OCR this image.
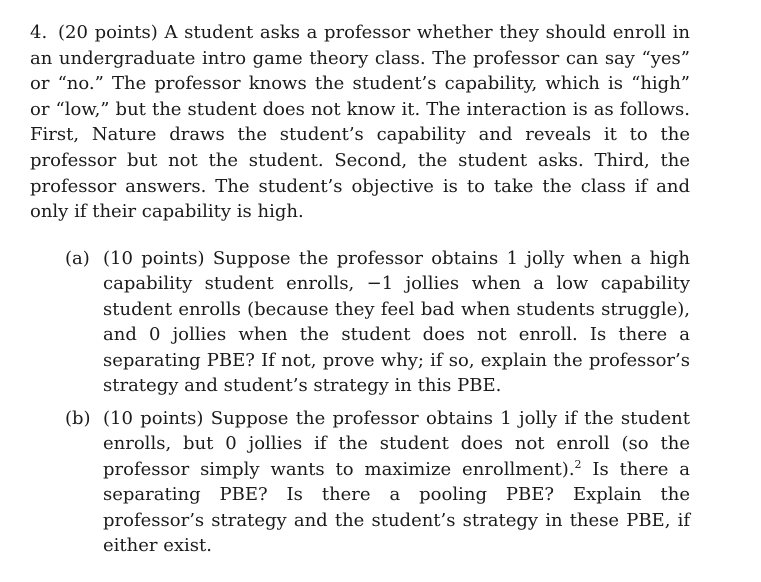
4. (20 points) A student asks a professor whether they should enroll in an undergraduate intro game theory class. The professor can say “yes” or “no.” The professor knows the student’s capability, which is “high” or “low,” but the student does not know it. The interaction is as follows. First, Nature draws the student’s capability and reveals it to the professor but not the student. Second, the student asks. Third, the professor answers. The student’s objective is to take the class if and only if their capability is high.
(a) (10 points) Suppose the professor obtains 1 jolly when a high capability student enrolls, −1 jollies when a low capability student enrolls (because they feel bad when students struggle), and 0 jollies when the student does not enroll. Is there a separating PBE? If not, prove why; if so, explain the professor’s strategy and student’s strategy in this PBE.
(b) (10 points) Suppose the professor obtains 1 jolly if the student enrolls, but 0 jollies if the student does not enroll (so the professor simply wants to maximize enrollment).$^2$ Is there a separating PBE? Is there a pooling PBE? Explain the professor’s strategy and the student’s strategy in these PBE, if either exist.
